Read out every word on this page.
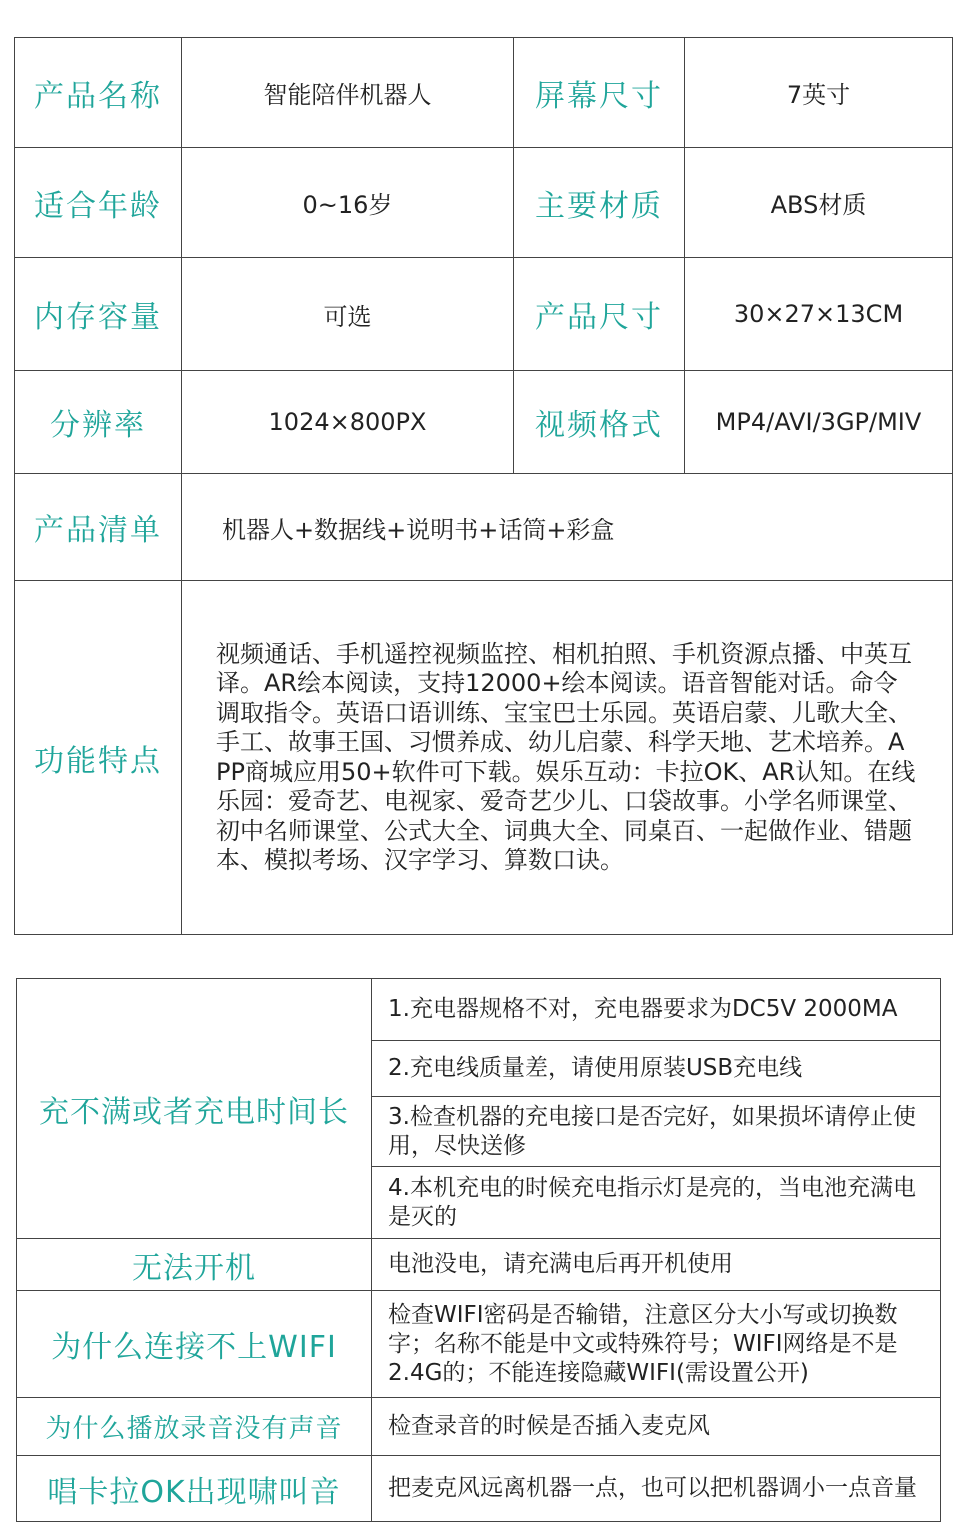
产品名称	智能陪伴机器人	屏幕尺寸	7英寸
适合年龄	0~16岁	主要材质	ABS材质
内存容量	可选	产品尺寸	30×27×13CM
分辨率	1024×800PX	视频格式	MP4/AVI/3GP/MIV
产品清单	机器人+数据线+说明书+话筒+彩盒		
功能特点	视频通话、手机遥控视频监控、相机拍照、手机资源点播、中英互译。AR绘本阅读，支持12000+绘本阅读。语音智能对话。命令调取指令。英语口语训练、宝宝巴士乐园。英语启蒙、儿歌大全、手工、故事王国、习惯养成、幼儿启蒙、科学天地、艺术培养。APP商城应用50+软件可下载。娱乐互动：卡拉OK、AR认知。在线乐园：爱奇艺、电视家、爱奇艺少儿、口袋故事。小学名师课堂、初中名师课堂、公式大全、词典大全、同桌百、一起做作业、错题本、模拟考场、汉字学习、算数口诀。		
充不满或者充电时间长	1.充电器规格不对，充电器要求为DC5V 2000MA
	2.充电线质量差，请使用原装USB充电线
	3.检查机器的充电接口是否完好，如果损坏请停止使用，尽快送修
	4.本机充电的时候充电指示灯是亮的，当电池充满电是灭的
无法开机	电池没电，请充满电后再开机使用
为什么连接不上WIFI	检查WIFI密码是否输错，注意区分大小写或切换数字；名称不能是中文或特殊符号；WIFI网络是不是2.4G的；不能连接隐藏WIFI(需设置公开)
为什么播放录音没有声音	检查录音的时候是否插入麦克风
唱卡拉OK出现啸叫音	把麦克风远离机器一点，也可以把机器调小一点音量
